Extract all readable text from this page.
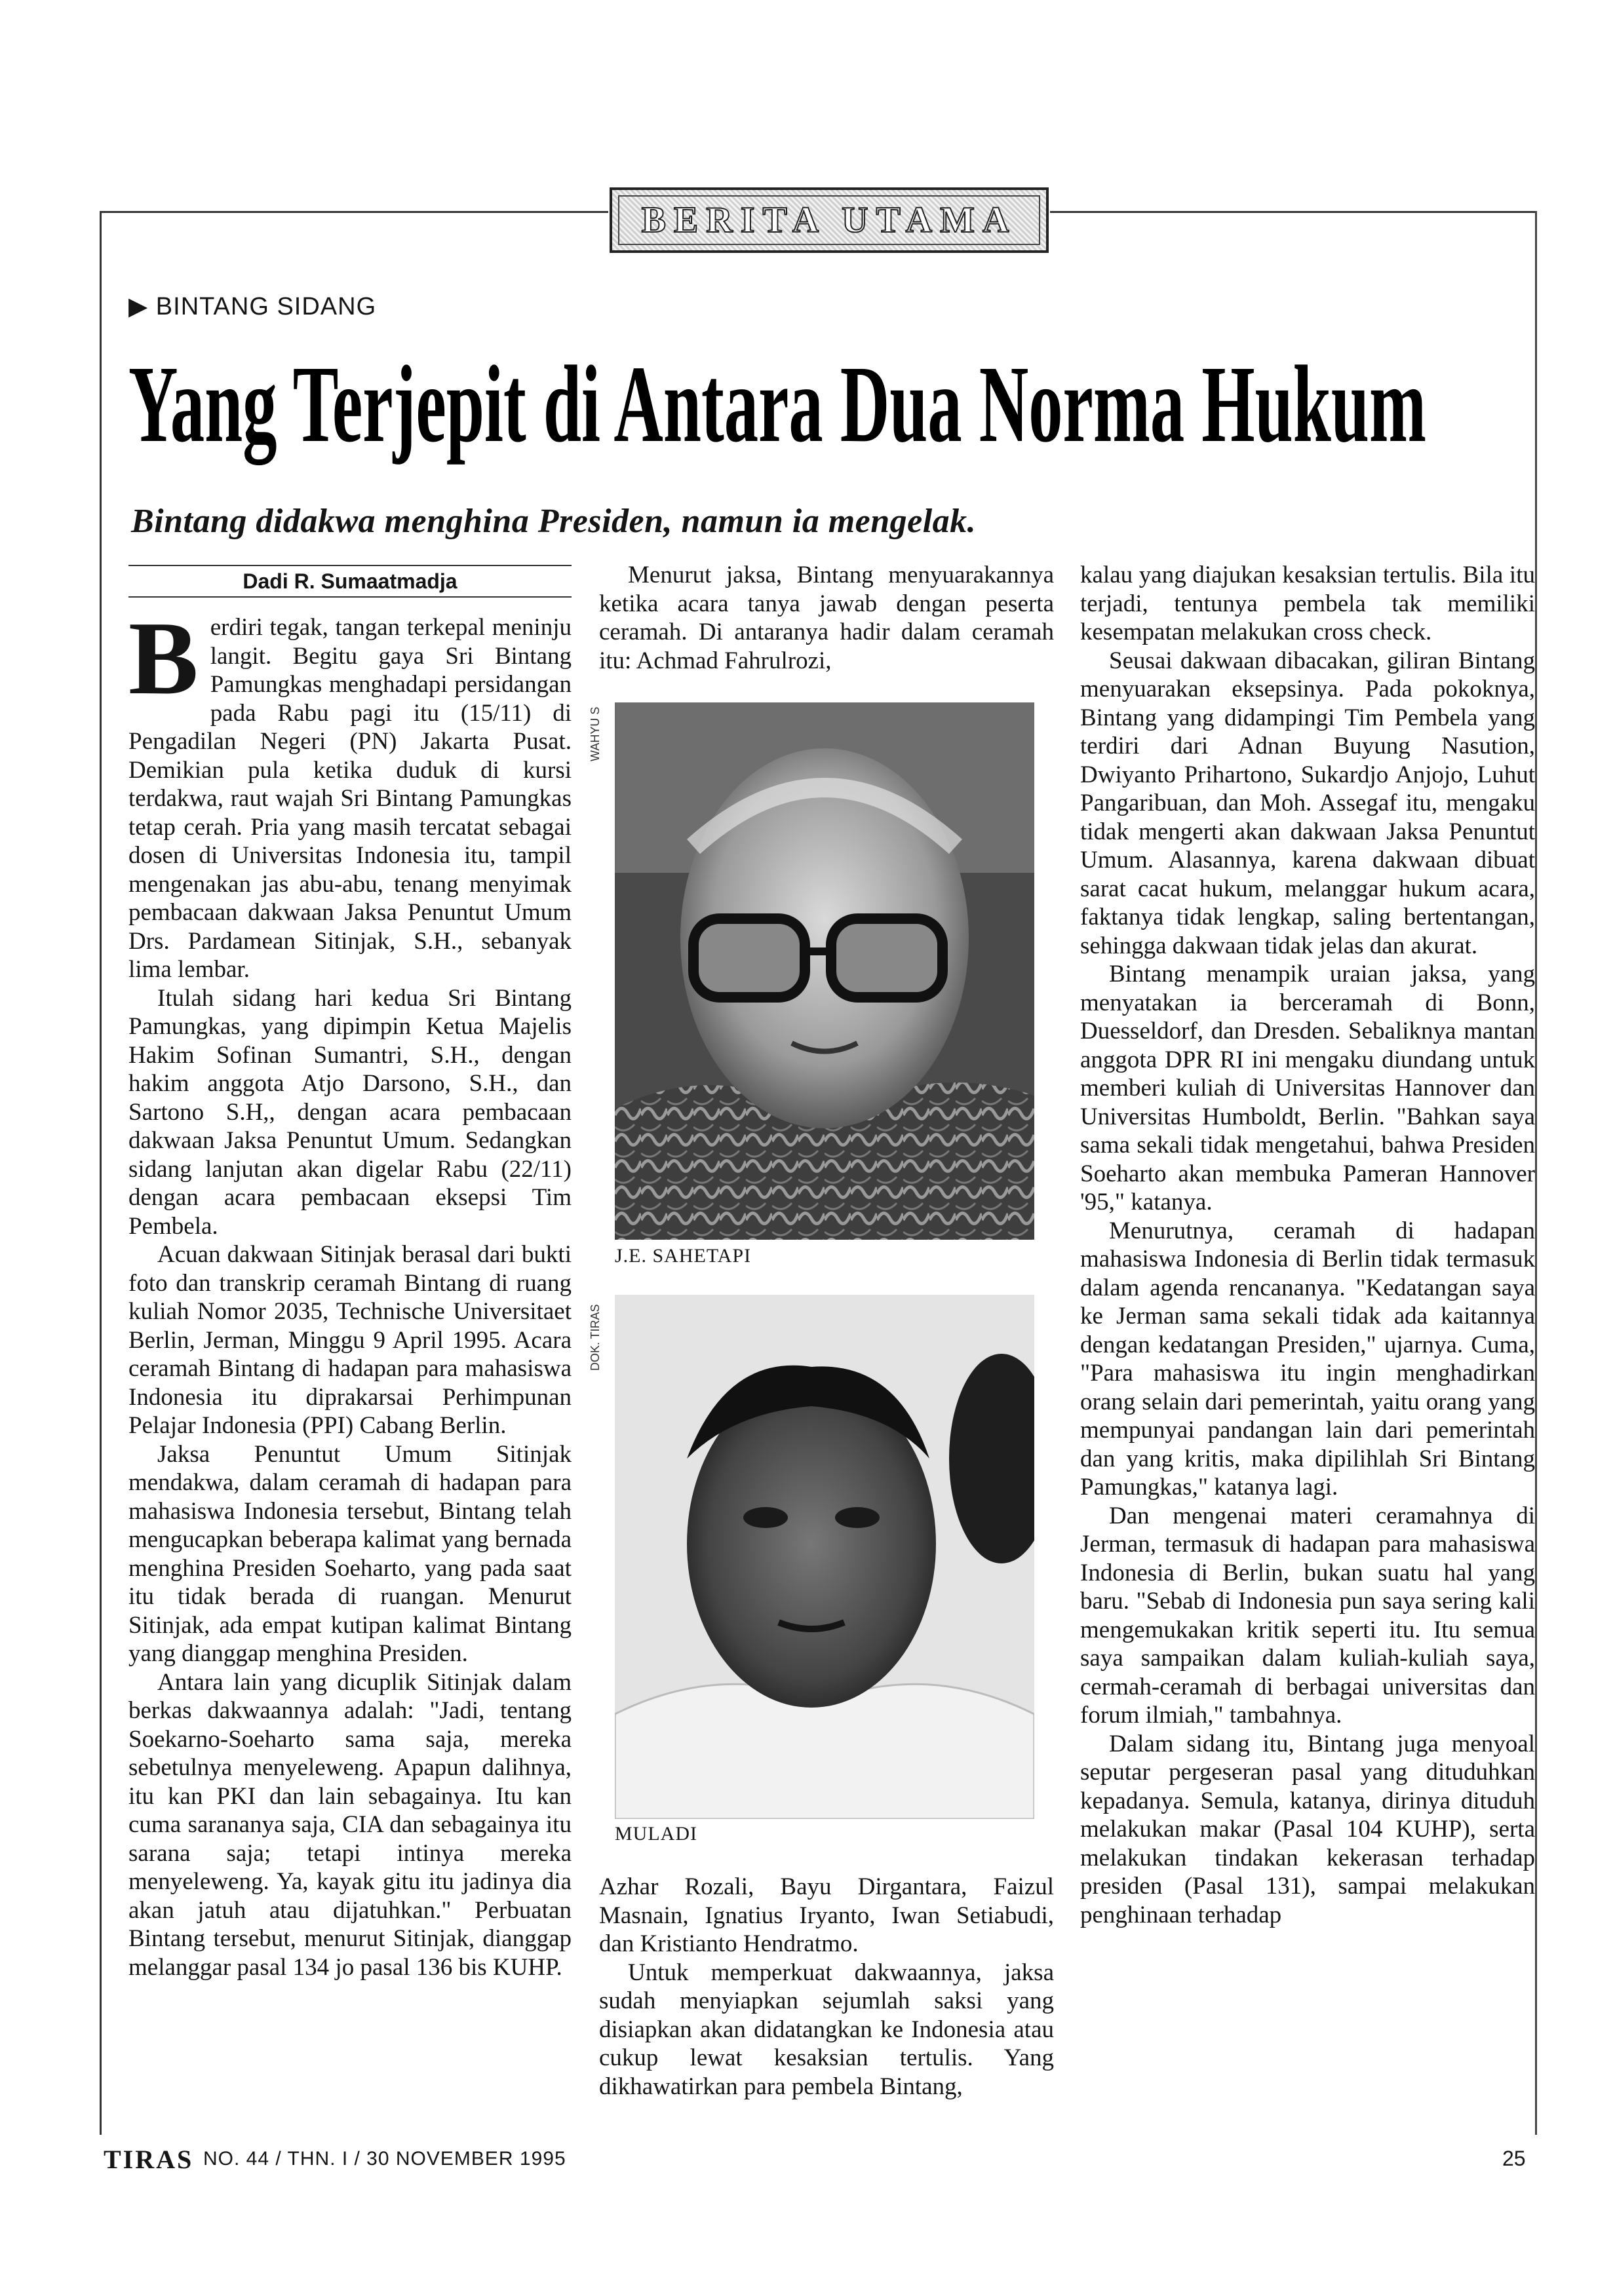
BERITA UTAMA
▶ BINTANG SIDANG
Yang Terjepit di Antara Dua Norma Hukum
Bintang didakwa menghina Presiden, namun ia mengelak.
Dadi R. Sumaatmadja

Berdiri tegak, tangan terkepal meninju langit. Begitu gaya Sri Bintang Pamungkas menghadapi persidangan pada Rabu pagi itu (15/11) di Pengadilan Negeri (PN) Jakarta Pusat. Demikian pula ketika duduk di kursi terdakwa, raut wajah Sri Bintang Pamungkas tetap cerah. Pria yang masih tercatat sebagai dosen di Universitas Indonesia itu, tampil mengenakan jas abu-abu, tenang menyimak pembacaan dakwaan Jaksa Penuntut Umum Drs. Pardamean Sitinjak, S.H., sebanyak lima lembar.

Itulah sidang hari kedua Sri Bintang Pamungkas, yang dipimpin Ketua Majelis Hakim Sofinan Sumantri, S.H., dengan hakim anggota Atjo Darsono, S.H., dan Sartono S.H,, dengan acara pembacaan dakwaan Jaksa Penuntut Umum. Sedangkan sidang lanjutan akan digelar Rabu (22/11) dengan acara pembacaan eksepsi Tim Pembela.

Acuan dakwaan Sitinjak berasal dari bukti foto dan transkrip ceramah Bintang di ruang kuliah Nomor 2035, Technische Universitaet Berlin, Jerman, Minggu 9 April 1995. Acara ceramah Bintang di hadapan para mahasiswa Indonesia itu diprakarsai Perhimpunan Pelajar Indonesia (PPI) Cabang Berlin.

Jaksa Penuntut Umum Sitinjak mendakwa, dalam ceramah di hadapan para mahasiswa Indonesia tersebut, Bintang telah mengucapkan beberapa kalimat yang bernada menghina Presiden Soeharto, yang pada saat itu tidak berada di ruangan. Menurut Sitinjak, ada empat kutipan kalimat Bintang yang dianggap menghina Presiden.

Antara lain yang dicuplik Sitinjak dalam berkas dakwaannya adalah: "Jadi, tentang Soekarno-Soeharto sama saja, mereka sebetulnya menyeleweng. Apapun dalihnya, itu kan PKI dan lain sebagainya. Itu kan cuma sarananya saja, CIA dan sebagainya itu sarana saja; tetapi intinya mereka menyeleweng. Ya, kayak gitu itu jadinya dia akan jatuh atau dijatuhkan." Perbuatan Bintang tersebut, menurut Sitinjak, dianggap melanggar pasal 134 jo pasal 136 bis KUHP.

Menurut jaksa, Bintang menyuarakannya ketika acara tanya jawab dengan peserta ceramah. Di antaranya hadir dalam ceramah itu: Achmad Fahrulrozi,

WAHYU S
J.E. SAHETAPI
DOK. TIRAS
MULADI

Azhar Rozali, Bayu Dirgantara, Faizul Masnain, Ignatius Iryanto, Iwan Setiabudi, dan Kristianto Hendratmo.

Untuk memperkuat dakwaannya, jaksa sudah menyiapkan sejumlah saksi yang disiapkan akan didatangkan ke Indonesia atau cukup lewat kesaksian tertulis. Yang dikhawatirkan para pembela Bintang,

kalau yang diajukan kesaksian tertulis. Bila itu terjadi, tentunya pembela tak memiliki kesempatan melakukan cross check.

Seusai dakwaan dibacakan, giliran Bintang menyuarakan eksepsinya. Pada pokoknya, Bintang yang didampingi Tim Pembela yang terdiri dari Adnan Buyung Nasution, Dwiyanto Prihartono, Sukardjo Anjojo, Luhut Pangaribuan, dan Moh. Assegaf itu, mengaku tidak mengerti akan dakwaan Jaksa Penuntut Umum. Alasannya, karena dakwaan dibuat sarat cacat hukum, melanggar hukum acara, faktanya tidak lengkap, saling bertentangan, sehingga dakwaan tidak jelas dan akurat.

Bintang menampik uraian jaksa, yang menyatakan ia berceramah di Bonn, Duesseldorf, dan Dresden. Sebaliknya mantan anggota DPR RI ini mengaku diundang untuk memberi kuliah di Universitas Hannover dan Universitas Humboldt, Berlin. "Bahkan saya sama sekali tidak mengetahui, bahwa Presiden Soeharto akan membuka Pameran Hannover '95," katanya.

Menurutnya, ceramah di hadapan mahasiswa Indonesia di Berlin tidak termasuk dalam agenda rencananya. "Kedatangan saya ke Jerman sama sekali tidak ada kaitannya dengan kedatangan Presiden," ujarnya. Cuma, "Para mahasiswa itu ingin menghadirkan orang selain dari pemerintah, yaitu orang yang mempunyai pandangan lain dari pemerintah dan yang kritis, maka dipilihlah Sri Bintang Pamungkas," katanya lagi.

Dan mengenai materi ceramahnya di Jerman, termasuk di hadapan para mahasiswa Indonesia di Berlin, bukan suatu hal yang baru. "Sebab di Indonesia pun saya sering kali mengemukakan kritik seperti itu. Itu semua saya sampaikan dalam kuliah-kuliah saya, cermah-ceramah di berbagai universitas dan forum ilmiah," tambahnya.

Dalam sidang itu, Bintang juga menyoal seputar pergeseran pasal yang dituduhkan kepadanya. Semula, katanya, dirinya dituduh melakukan makar (Pasal 104 KUHP), serta melakukan tindakan kekerasan terhadap presiden (Pasal 131), sampai melakukan penghinaan terhadap

TIRAS NO. 44 / THN. I / 30 NOVEMBER 1995	25
